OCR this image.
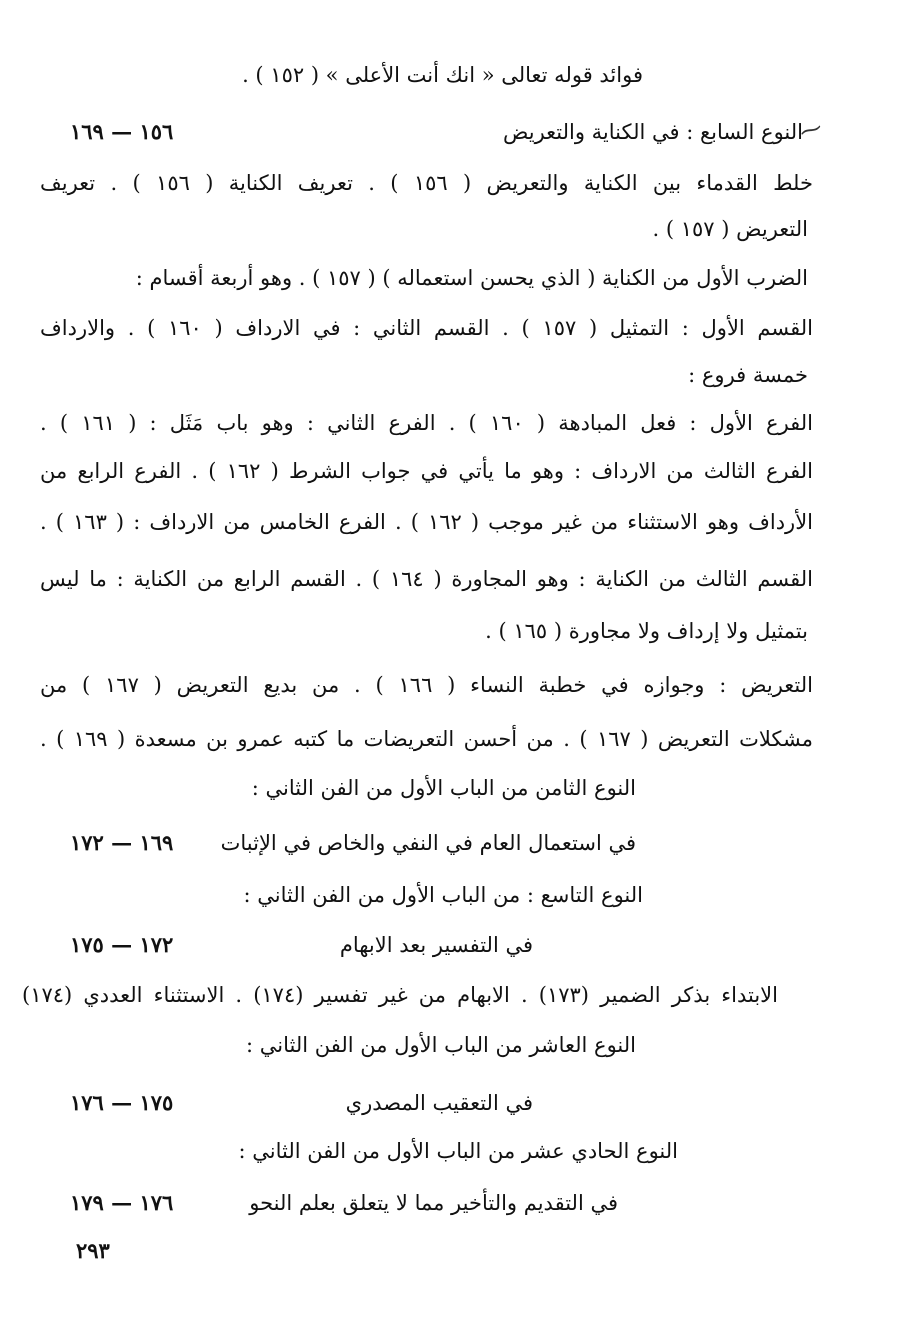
فوائد قوله تعالى « انك أنت الأعلى » ( ١٥٢ ) .
⁓
النوع السابع : في الكناية والتعريض
١٥٦ — ١٦٩
خلط القدماء بين الكناية والتعريض ( ١٥٦ ) . تعريف الكناية ( ١٥٦ ) . تعريف
التعريض ( ١٥٧ ) .
الضرب الأول من الكناية ( الذي يحسن استعماله ) ( ١٥٧ ) . وهو أربعة أقسام :
القسم الأول : التمثيل ( ١٥٧ ) . القسم الثاني : في الارداف ( ١٦٠ ) . والارداف
خمسة فروع :
الفرع الأول : فعل المبادهة ( ١٦٠ ) . الفرع الثاني : وهو باب مَثَل : ( ١٦١ ) .
الفرع الثالث من الارداف : وهو ما يأتي في جواب الشرط ( ١٦٢ ) . الفرع الرابع من
الأرداف وهو الاستثناء من غير موجب ( ١٦٢ ) . الفرع الخامس من الارداف : ( ١٦٣ ) .
القسم الثالث من الكناية : وهو المجاورة ( ١٦٤ ) . القسم الرابع من الكناية : ما ليس
بتمثيل ولا إرداف ولا مجاورة ( ١٦٥ ) .
التعريض : وجوازه في خطبة النساء ( ١٦٦ ) . من بديع التعريض ( ١٦٧ ) من
مشكلات التعريض ( ١٦٧ ) . من أحسن التعريضات ما كتبه عمرو بن مسعدة ( ١٦٩ ) .
النوع الثامن من الباب الأول من الفن الثاني :
في استعمال العام في النفي والخاص في الإثبات
١٦٩ — ١٧٢
النوع التاسع : من الباب الأول من الفن الثاني :
في التفسير بعد الابهام
١٧٢ — ١٧٥
الابتداء بذكر الضمير (١٧٣) . الابهام من غير تفسير (١٧٤) . الاستثناء العددي (١٧٤)
النوع العاشر من الباب الأول من الفن الثاني :
في التعقيب المصدري
١٧٥ — ١٧٦
النوع الحادي عشر من الباب الأول من الفن الثاني :
في التقديم والتأخير مما لا يتعلق بعلم النحو
١٧٦ — ١٧٩
٢٩٣
